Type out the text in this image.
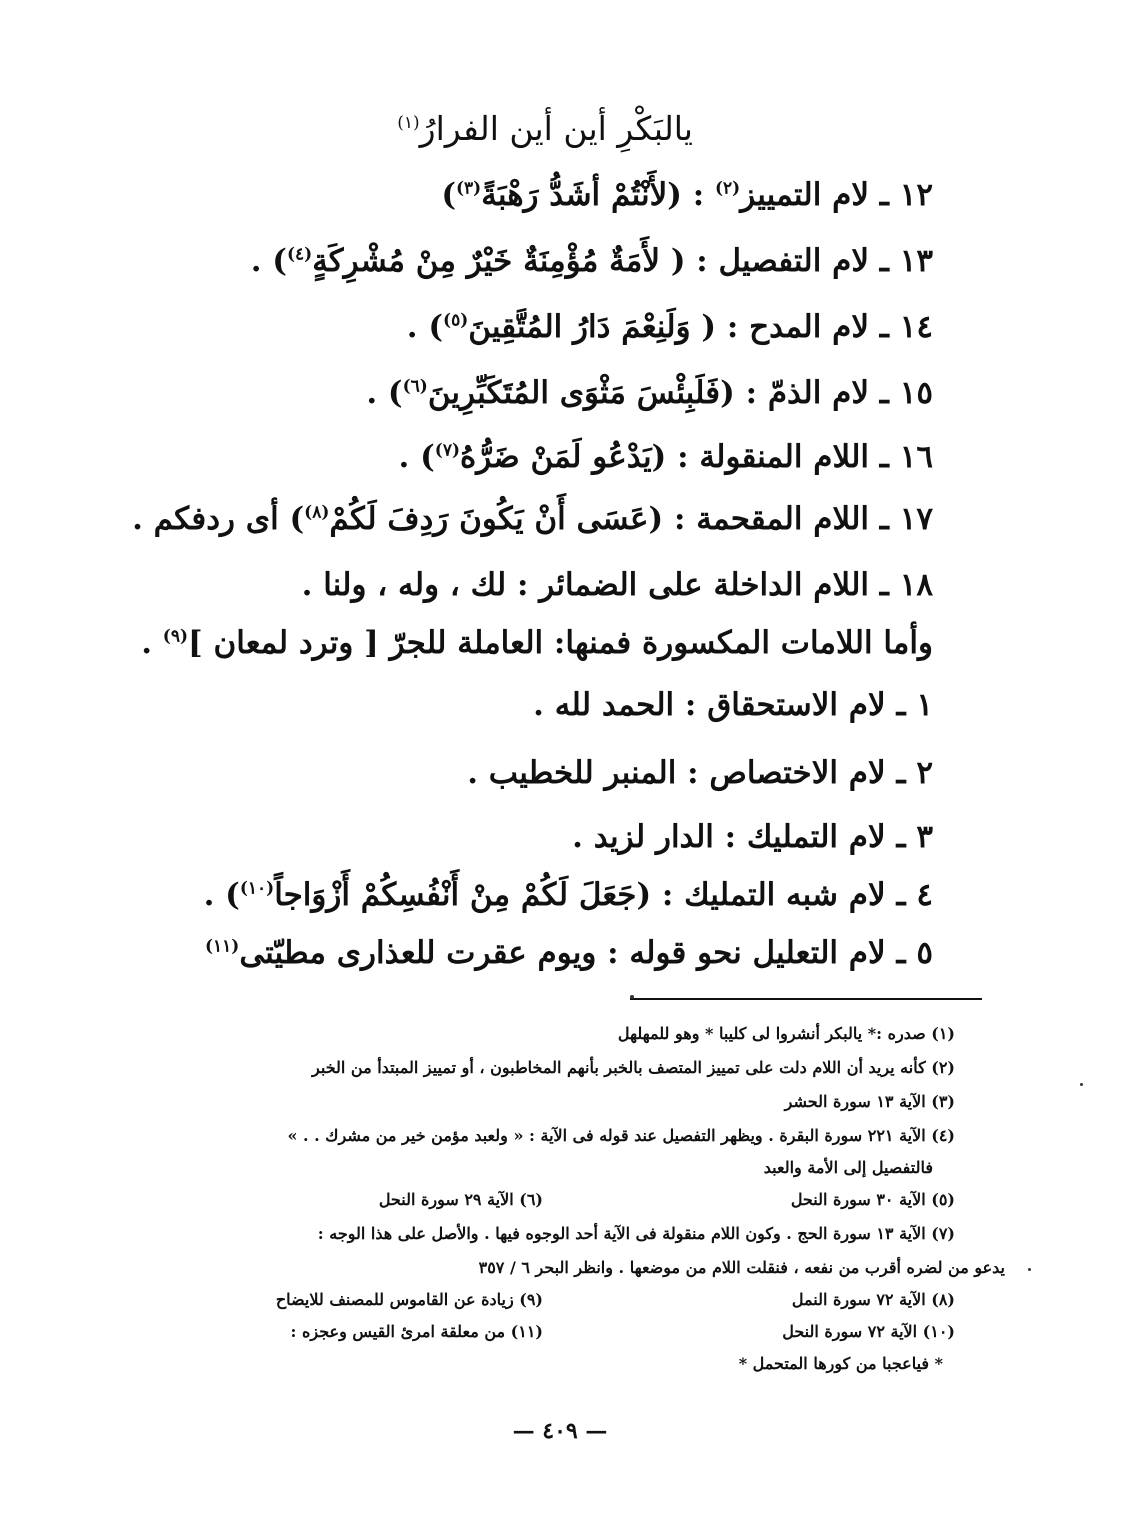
يالبَكْرِ أين أين الفرارُ$^{(١)}$
١٢ ـ لام التمييز$^{(٢)}$ : (لأَنْتُمْ أشَدُّ رَهْبَةً$^{(٣)}$)
١٣ ـ لام التفصيل : ( لأَمَةٌ مُؤْمِنَةٌ خَيْرٌ مِنْ مُشْرِكَةٍ$^{(٤)}$) .
١٤ ـ لام المدح : ( وَلَنِعْمَ دَارُ المُتَّقِينَ$^{(٥)}$) .
١٥ ـ لام الذمّ : (فَلَبِئْسَ مَثْوَى المُتَكَبِّرِينَ$^{(٦)}$) .
١٦ ـ اللام المنقولة : (يَدْعُو لَمَنْ ضَرُّهُ$^{(٧)}$) .
١٧ ـ اللام المقحمة : (عَسَى أَنْ يَكُونَ رَدِفَ لَكُمْ$^{(٨)}$) أى ردفكم .
١٨ ـ اللام الداخلة على الضمائر : لك ، وله ، ولنا .
وأما اللامات المكسورة فمنها: العاملة للجرّ [ وترد لمعان ]$^{(٩)}$ .
١ ـ لام الاستحقاق : الحمد لله .
٢ ـ لام الاختصاص : المنبر للخطيب .
٣ ـ لام التمليك : الدار لزيد .
٤ ـ لام شبه التمليك : (جَعَلَ لَكُمْ مِنْ أَنْفُسِكُمْ أَزْوَاجاً$^{(١٠)}$) .
٥ ـ لام التعليل نحو قوله : ويوم عقرت للعذارى مطيّتى$^{(١١)}$
(١) صدره :* يالبكر أنشروا لى كليبا * وهو للمهلهل
(٢) كأنه يريد أن اللام دلت على تمييز المتصف بالخبر بأنهم المخاطبون ، أو تمييز المبتدأ من الخبر
(٣) الآية ١٣ سورة الحشر
(٤) الآية ٢٢١ سورة البقرة . ويظهر التفصيل عند قوله فى الآية : « ولعبد مؤمن خير من مشرك . . »
فالتفصيل إلى الأمة والعبد
(٥) الآية ٣٠ سورة النحل
(٦) الآية ٢٩ سورة النحل
(٧) الآية ١٣ سورة الحج . وكون اللام منقولة فى الآية أحد الوجوه فيها . والأصل على هذا الوجه :
يدعو من لضره أقرب من نفعه ، فنقلت اللام من موضعها . وانظر البحر ٦ / ٣٥٧
(٨) الآية ٧٢ سورة النمل
(٩) زيادة عن القاموس للمصنف للايضاح
(١٠) الآية ٧٢ سورة النحل
(١١) من معلقة امرئ القيس وعجزه :
* فياعجبا من كورها المتحمل *
— ٤٠٩ —
